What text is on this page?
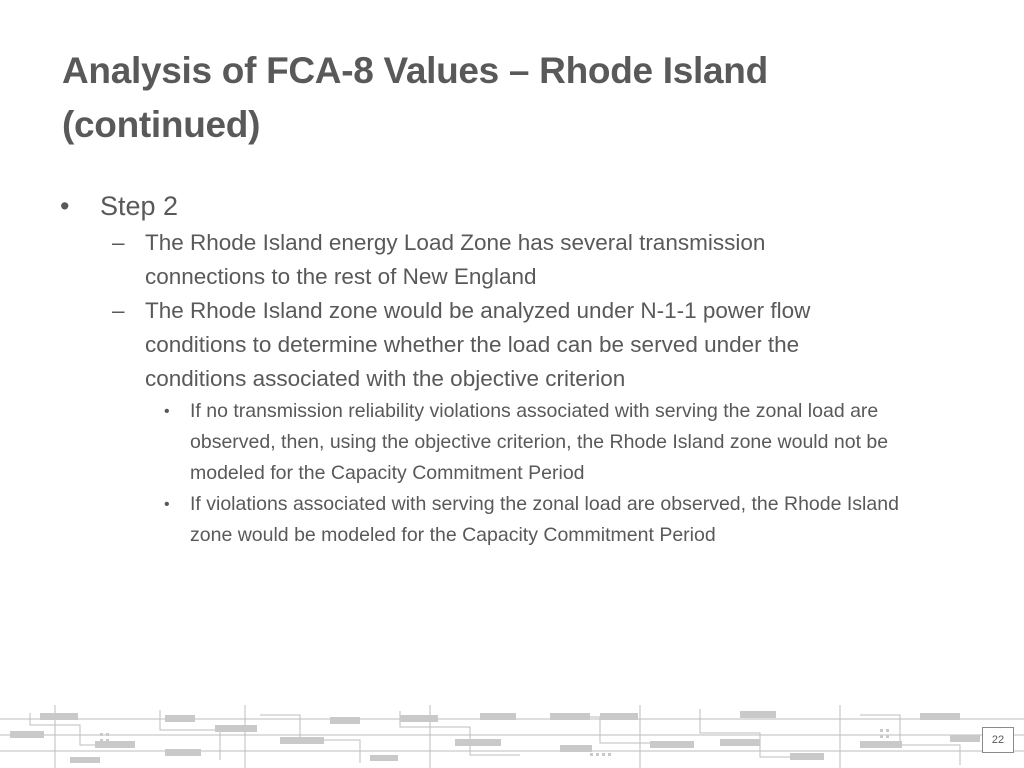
Analysis of FCA-8 Values – Rhode Island (continued)
• Step 2
– The Rhode Island energy Load Zone has several transmission connections to the rest of New England
– The Rhode Island zone would be analyzed under N-1-1 power flow conditions to determine whether the load can be served under the conditions associated with the objective criterion
• If no transmission reliability violations associated with serving the zonal load are observed, then, using the objective criterion, the Rhode Island zone would not be modeled for the Capacity Commitment Period
• If violations associated with serving the zonal load are observed, the Rhode Island zone would be modeled for the Capacity Commitment Period
22
